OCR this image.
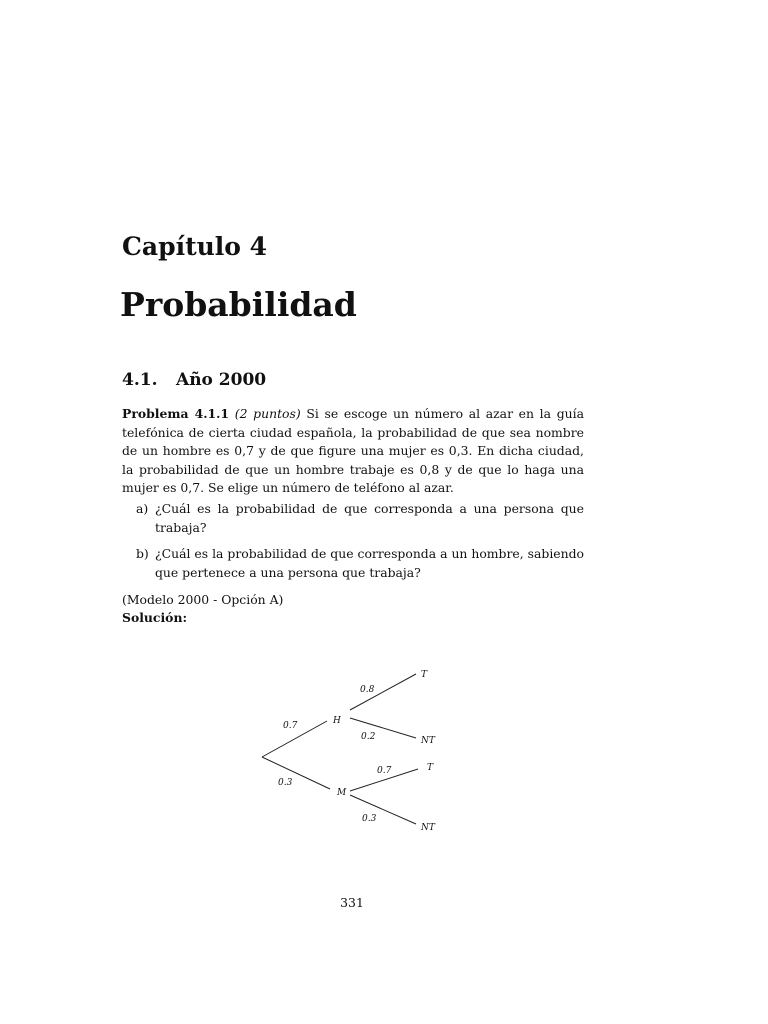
Capítulo 4
Probabilidad
4.1. Año 2000
Problema 4.1.1 (2 puntos) Si se escoge un número al azar en la guía telefónica de cierta ciudad española, la probabilidad de que sea nombre de un hombre es 0,7 y de que figure una mujer es 0,3. En dicha ciudad, la probabilidad de que un hombre trabaje es 0,8 y de que lo haga una mujer es 0,7. Se elige un número de teléfono al azar.
a) ¿Cuál es la probabilidad de que corresponda a una persona que trabaja?
b) ¿Cuál es la probabilidad de que corresponda a un hombre, sabiendo que pertenece a una persona que trabaja?
(Modelo 2000 - Opción A)
Solución:
H
M
T
NT
T
NT
0.7
0.3
0.8
0.2
0.7
0.3
331
